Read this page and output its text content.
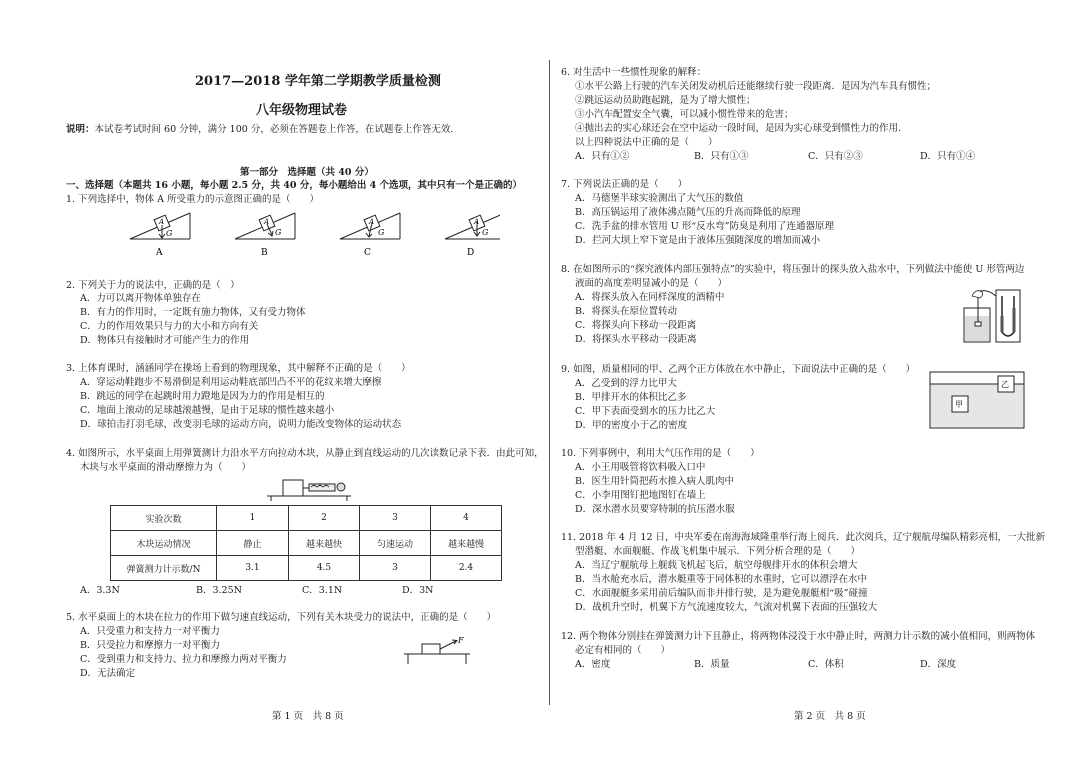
2017—2018 学年第二学期教学质量检测
八年级物理试卷
说明：本试卷考试时间 60 分钟，满分 100 分，必须在答题卷上作答，在试题卷上作答无效.
第一部分　选择题（共 40 分）
一、选择题（本题共 16 小题，每小题 2.5 分，共 40 分，每小题给出 4 个选项，其中只有一个是正确的）
1. 下列选择中，物体 A 所受重力的示意图正确的是（　　）
G
A
G
A
G
A
G
A
A	B	C	D
2. 下列关于力的说法中，正确的是（　）
A．力可以离开物体单独存在
B．有力的作用时，一定既有施力物体，又有受力物体
C．力的作用效果只与力的大小和方向有关
D．物体只有接触时才可能产生力的作用
3. 上体育课时，涵涵同学在操场上看到的物理现象，其中解释不正确的是（　　）
A．穿运动鞋跑步不易滑倒是利用运动鞋底部凹凸不平的花纹来增大摩擦
B．跳远的同学在起跳时用力蹬地是因为力的作用是相互的
C．地面上滚动的足球越滚越慢，是由于足球的惯性越来越小
D．球拍击打羽毛球，改变羽毛球的运动方向，说明力能改变物体的运动状态
4. 如图所示，水平桌面上用弹簧测计力沿水平方向拉动木块，从静止到直线运动的几次读数记录下表．由此可知，
木块与水平桌面的滑动摩擦力为（　　）
实验次数	1	2	3	4
木块运动情况	静止	越来越快	匀速运动	越来越慢
弹簧测力计示数/N	3.1	4.5	3	2.4
A．3.3N	B．3.25N	C．3.1N	D．3N
5. 水平桌面上的木块在拉力的作用下做匀速直线运动，下列有关木块受力的说法中，正确的是（　　）
A．只受重力和支持力一对平衡力
B．只受拉力和摩擦力一对平衡力
C．受到重力和支持力、拉力和摩擦力两对平衡力
D．无法确定
F
第 1 页　共 8 页
6. 对生活中一些惯性现象的解释：
①水平公路上行驶的汽车关闭发动机后还能继续行驶一段距离．是因为汽车具有惯性；
②跳远运动员助跑起跳，是为了增大惯性；
③小汽车配置安全气囊，可以减小惯性带来的危害；
④抛出去的实心球还会在空中运动一段时间，是因为实心球受到惯性力的作用.
以上四种说法中正确的是（　　）
A．只有①②	B．只有①③	C．只有②③	D．只有①④
7. 下列说法正确的是（　　）
A．马德堡半球实验测出了大气压的数值
B．高压锅运用了液体沸点随气压的升高而降低的原理
C．洗手盆的排水管用 U 形“反水弯”防臭是利用了连通器原理
D．拦河大坝上窄下宽是由于液体压强随深度的增加而减小
8. 在如图所示的“探究液体内部压强特点”的实验中，将压强计的探头放入盐水中，下列做法中能使 U 形管两边
液面的高度差明显减小的是（　　）
A．将探头放入在同样深度的酒精中
B．将探头在原位置转动
C．将探头向下移动一段距离
D．将探头水平移动一段距离
9. 如图，质量相同的甲、乙两个正方体放在水中静止，下面说法中正确的是（　　）
A．乙受到的浮力比甲大
B．甲排开水的体积比乙多
C．甲下表面受到水的压力比乙大
D．甲的密度小于乙的密度
甲
乙
10. 下列事例中，利用大气压作用的是（　　）
A．小王用吸管将饮料吸入口中
B．医生用针筒把药水推入病人肌肉中
C．小李用图钉把地图钉在墙上
D．深水潜水员要穿特制的抗压潜水服
11. 2018 年 4 月 12 日，中央军委在南海海域隆重举行海上阅兵．此次阅兵，辽宁舰航母编队精彩亮相，一大批新
型潜艇、水面舰艇、作战飞机集中展示．下列分析合理的是（　　）
A．当辽宁舰航母上舰载飞机起飞后，航空母舰排开水的体积会增大
B．当水舱充水后，潜水艇重等于同体积的水重时，它可以漂浮在水中
C．水面舰艇多采用前后编队而非并排行驶，是为避免舰艇相“吸”碰撞
D．战机升空时，机翼下方气流速度较大，气流对机翼下表面的压强较大
12. 两个物体分别挂在弹簧测力计下且静止，将两物体浸没于水中静止时，两测力计示数的减小值相同，则两物体
必定有相同的（　　）
A．密度	B．质量	C．体积	D．深度
第 2 页　共 8 页
